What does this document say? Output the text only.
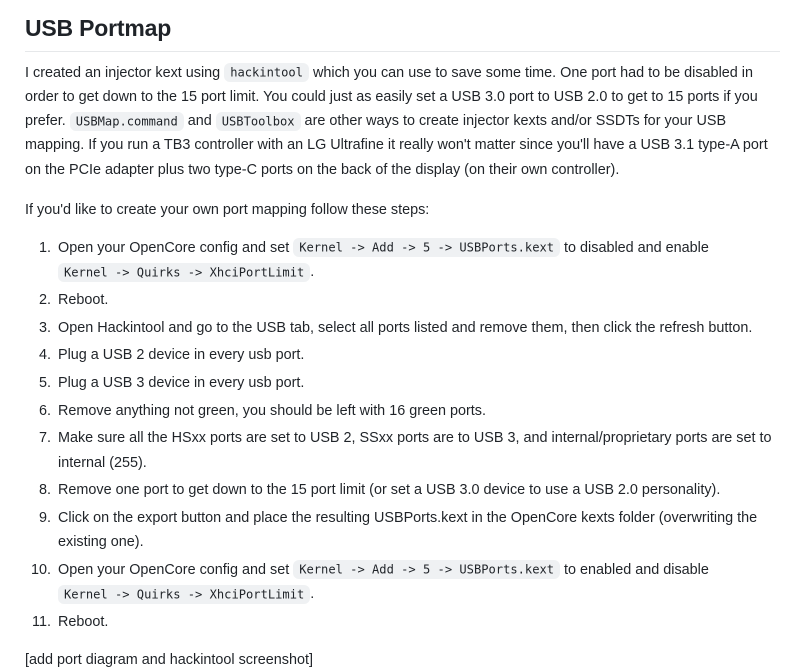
USB Portmap

I created an injector kext using hackintool which you can use to save some time. One port had to be disabled in order to get down to the 15 port limit. You could just as easily set a USB 3.0 port to USB 2.0 to get to 15 ports if you prefer. USBMap.command and USBToolbox are other ways to create injector kexts and/or SSDTs for your USB mapping. If you run a TB3 controller with an LG Ultrafine it really won't matter since you'll have a USB 3.1 type-A port on the PCIe adapter plus two type-C ports on the back of the display (on their own controller).

If you'd like to create your own port mapping follow these steps:

Open your OpenCore config and set Kernel -> Add -> 5 -> USBPorts.kext to disabled and enable Kernel -> Quirks -> XhciPortLimit .
Reboot.
Open Hackintool and go to the USB tab, select all ports listed and remove them, then click the refresh button.
Plug a USB 2 device in every usb port.
Plug a USB 3 device in every usb port.
Remove anything not green, you should be left with 16 green ports.
Make sure all the HSxx ports are set to USB 2, SSxx ports are to USB 3, and internal/proprietary ports are set to internal (255).
Remove one port to get down to the 15 port limit (or set a USB 3.0 device to use a USB 2.0 personality).
Click on the export button and place the resulting USBPorts.kext in the OpenCore kexts folder (overwriting the existing one).
Open your OpenCore config and set Kernel -> Add -> 5 -> USBPorts.kext to enabled and disable Kernel -> Quirks -> XhciPortLimit .
Reboot.

[add port diagram and hackintool screenshot]
